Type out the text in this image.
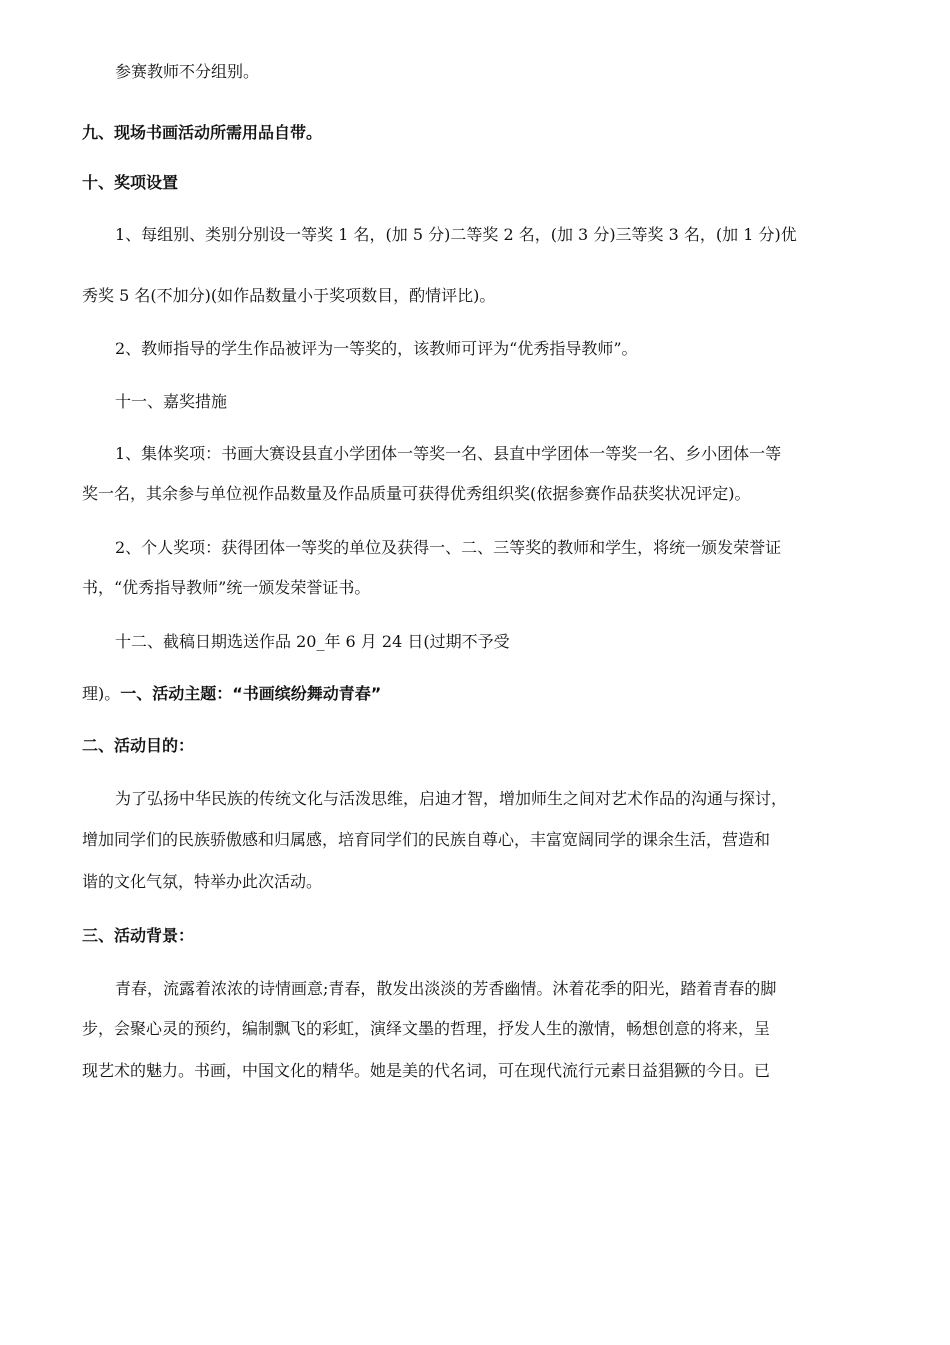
参赛教师不分组别。
九、现场书画活动所需用品自带。
十、奖项设置
1、每组别、类别分别设一等奖 1 名，(加 5 分)二等奖 2 名，(加 3 分)三等奖 3 名，(加 1 分)优
秀奖 5 名(不加分)(如作品数量小于奖项数目，酌情评比)。
2、教师指导的学生作品被评为一等奖的，该教师可评为“优秀指导教师”。
十一、嘉奖措施
1、集体奖项：书画大赛设县直小学团体一等奖一名、县直中学团体一等奖一名、乡小团体一等
奖一名，其余参与单位视作品数量及作品质量可获得优秀组织奖(依据参赛作品获奖状况评定)。
2、个人奖项：获得团体一等奖的单位及获得一、二、三等奖的教师和学生，将统一颁发荣誉证
书，“优秀指导教师”统一颁发荣誉证书。
十二、截稿日期选送作品 20_年 6 月 24 日(过期不予受
理)。一、活动主题：“书画缤纷舞动青春”
二、活动目的：
为了弘扬中华民族的传统文化与活泼思维，启迪才智，增加师生之间对艺术作品的沟通与探讨，
增加同学们的民族骄傲感和归属感，培育同学们的民族自尊心，丰富宽阔同学的课余生活，营造和
谐的文化气氛，特举办此次活动。
三、活动背景：
青春，流露着浓浓的诗情画意;青春，散发出淡淡的芳香幽情。沐着花季的阳光，踏着青春的脚
步，会聚心灵的预约，编制飘飞的彩虹，演绎文墨的哲理，抒发人生的激情，畅想创意的将来，呈
现艺术的魅力。书画，中国文化的精华。她是美的代名词，可在现代流行元素日益猖獗的今日。已
